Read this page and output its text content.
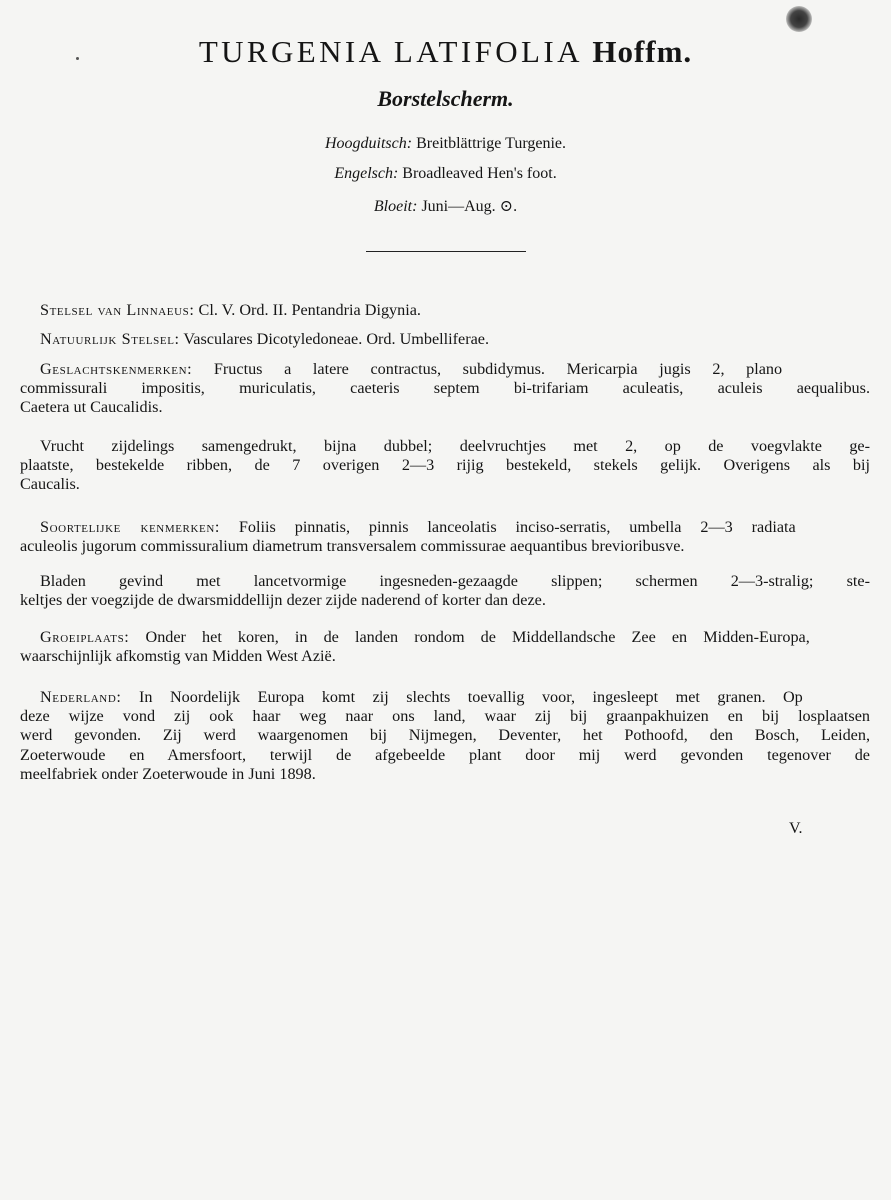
TURGENIA LATIFOLIA Hoffm.
Borstelscherm.
Hoogduitsch: Breitblättrige Turgenie.
Engelsch: Broadleaved Hen's foot.
Bloeit: Juni—Aug. ⊙.
Stelsel van Linnaeus: Cl. V. Ord. II. Pentandria Digynia.
Natuurlijk Stelsel: Vasculares Dicotyledoneae. Ord. Umbelliferae.
Geslachtskenmerken: Fructus a latere contractus, subdidymus. Mericarpia jugis 2, plano
commissurali impositis, muriculatis, caeteris septem bi-trifariam aculeatis, aculeis aequalibus.
Caetera ut Caucalidis.
Vrucht zijdelings samengedrukt, bijna dubbel; deelvruchtjes met 2, op de voegvlakte ge-
plaatste, bestekelde ribben, de 7 overigen 2—3 rijig bestekeld, stekels gelijk. Overigens als bij
Caucalis.
Soortelijke kenmerken: Foliis pinnatis, pinnis lanceolatis inciso-serratis, umbella 2—3 radiata
aculeolis jugorum commissuralium diametrum transversalem commissurae aequantibus brevioribusve.
Bladen gevind met lancetvormige ingesneden-gezaagde slippen; schermen 2—3-stralig; ste-
keltjes der voegzijde de dwarsmiddellijn dezer zijde naderend of korter dan deze.
Groeiplaats: Onder het koren, in de landen rondom de Middellandsche Zee en Midden-Europa,
waarschijnlijk afkomstig van Midden West Azië.
Nederland: In Noordelijk Europa komt zij slechts toevallig voor, ingesleept met granen. Op
deze wijze vond zij ook haar weg naar ons land, waar zij bij graanpakhuizen en bij losplaatsen
werd gevonden. Zij werd waargenomen bij Nijmegen, Deventer, het Pothoofd, den Bosch, Leiden,
Zoeterwoude en Amersfoort, terwijl de afgebeelde plant door mij werd gevonden tegenover de
meelfabriek onder Zoeterwoude in Juni 1898.
V.
